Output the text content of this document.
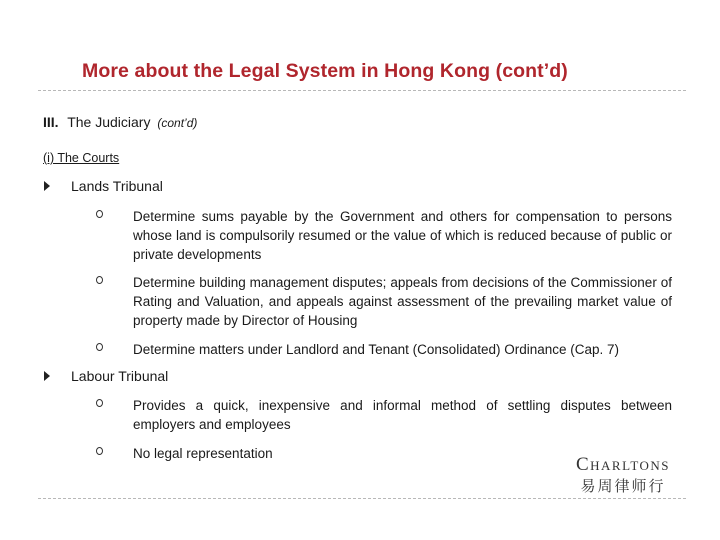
More about the Legal System in Hong Kong (cont’d)
III. The Judiciary (cont’d)
(i) The Courts
Lands Tribunal
Determine sums payable by the Government and others for compensation to persons whose land is compulsorily resumed or the value of which is reduced because of public or private developments
Determine building management disputes; appeals from decisions of the Commissioner of Rating and Valuation, and appeals against assessment of the prevailing market value of property made by Director of Housing
Determine matters under Landlord and Tenant (Consolidated) Ordinance (Cap. 7)
Labour Tribunal
Provides a quick, inexpensive and informal method of settling disputes between employers and employees
No legal representation
Charltons
易周律师行
